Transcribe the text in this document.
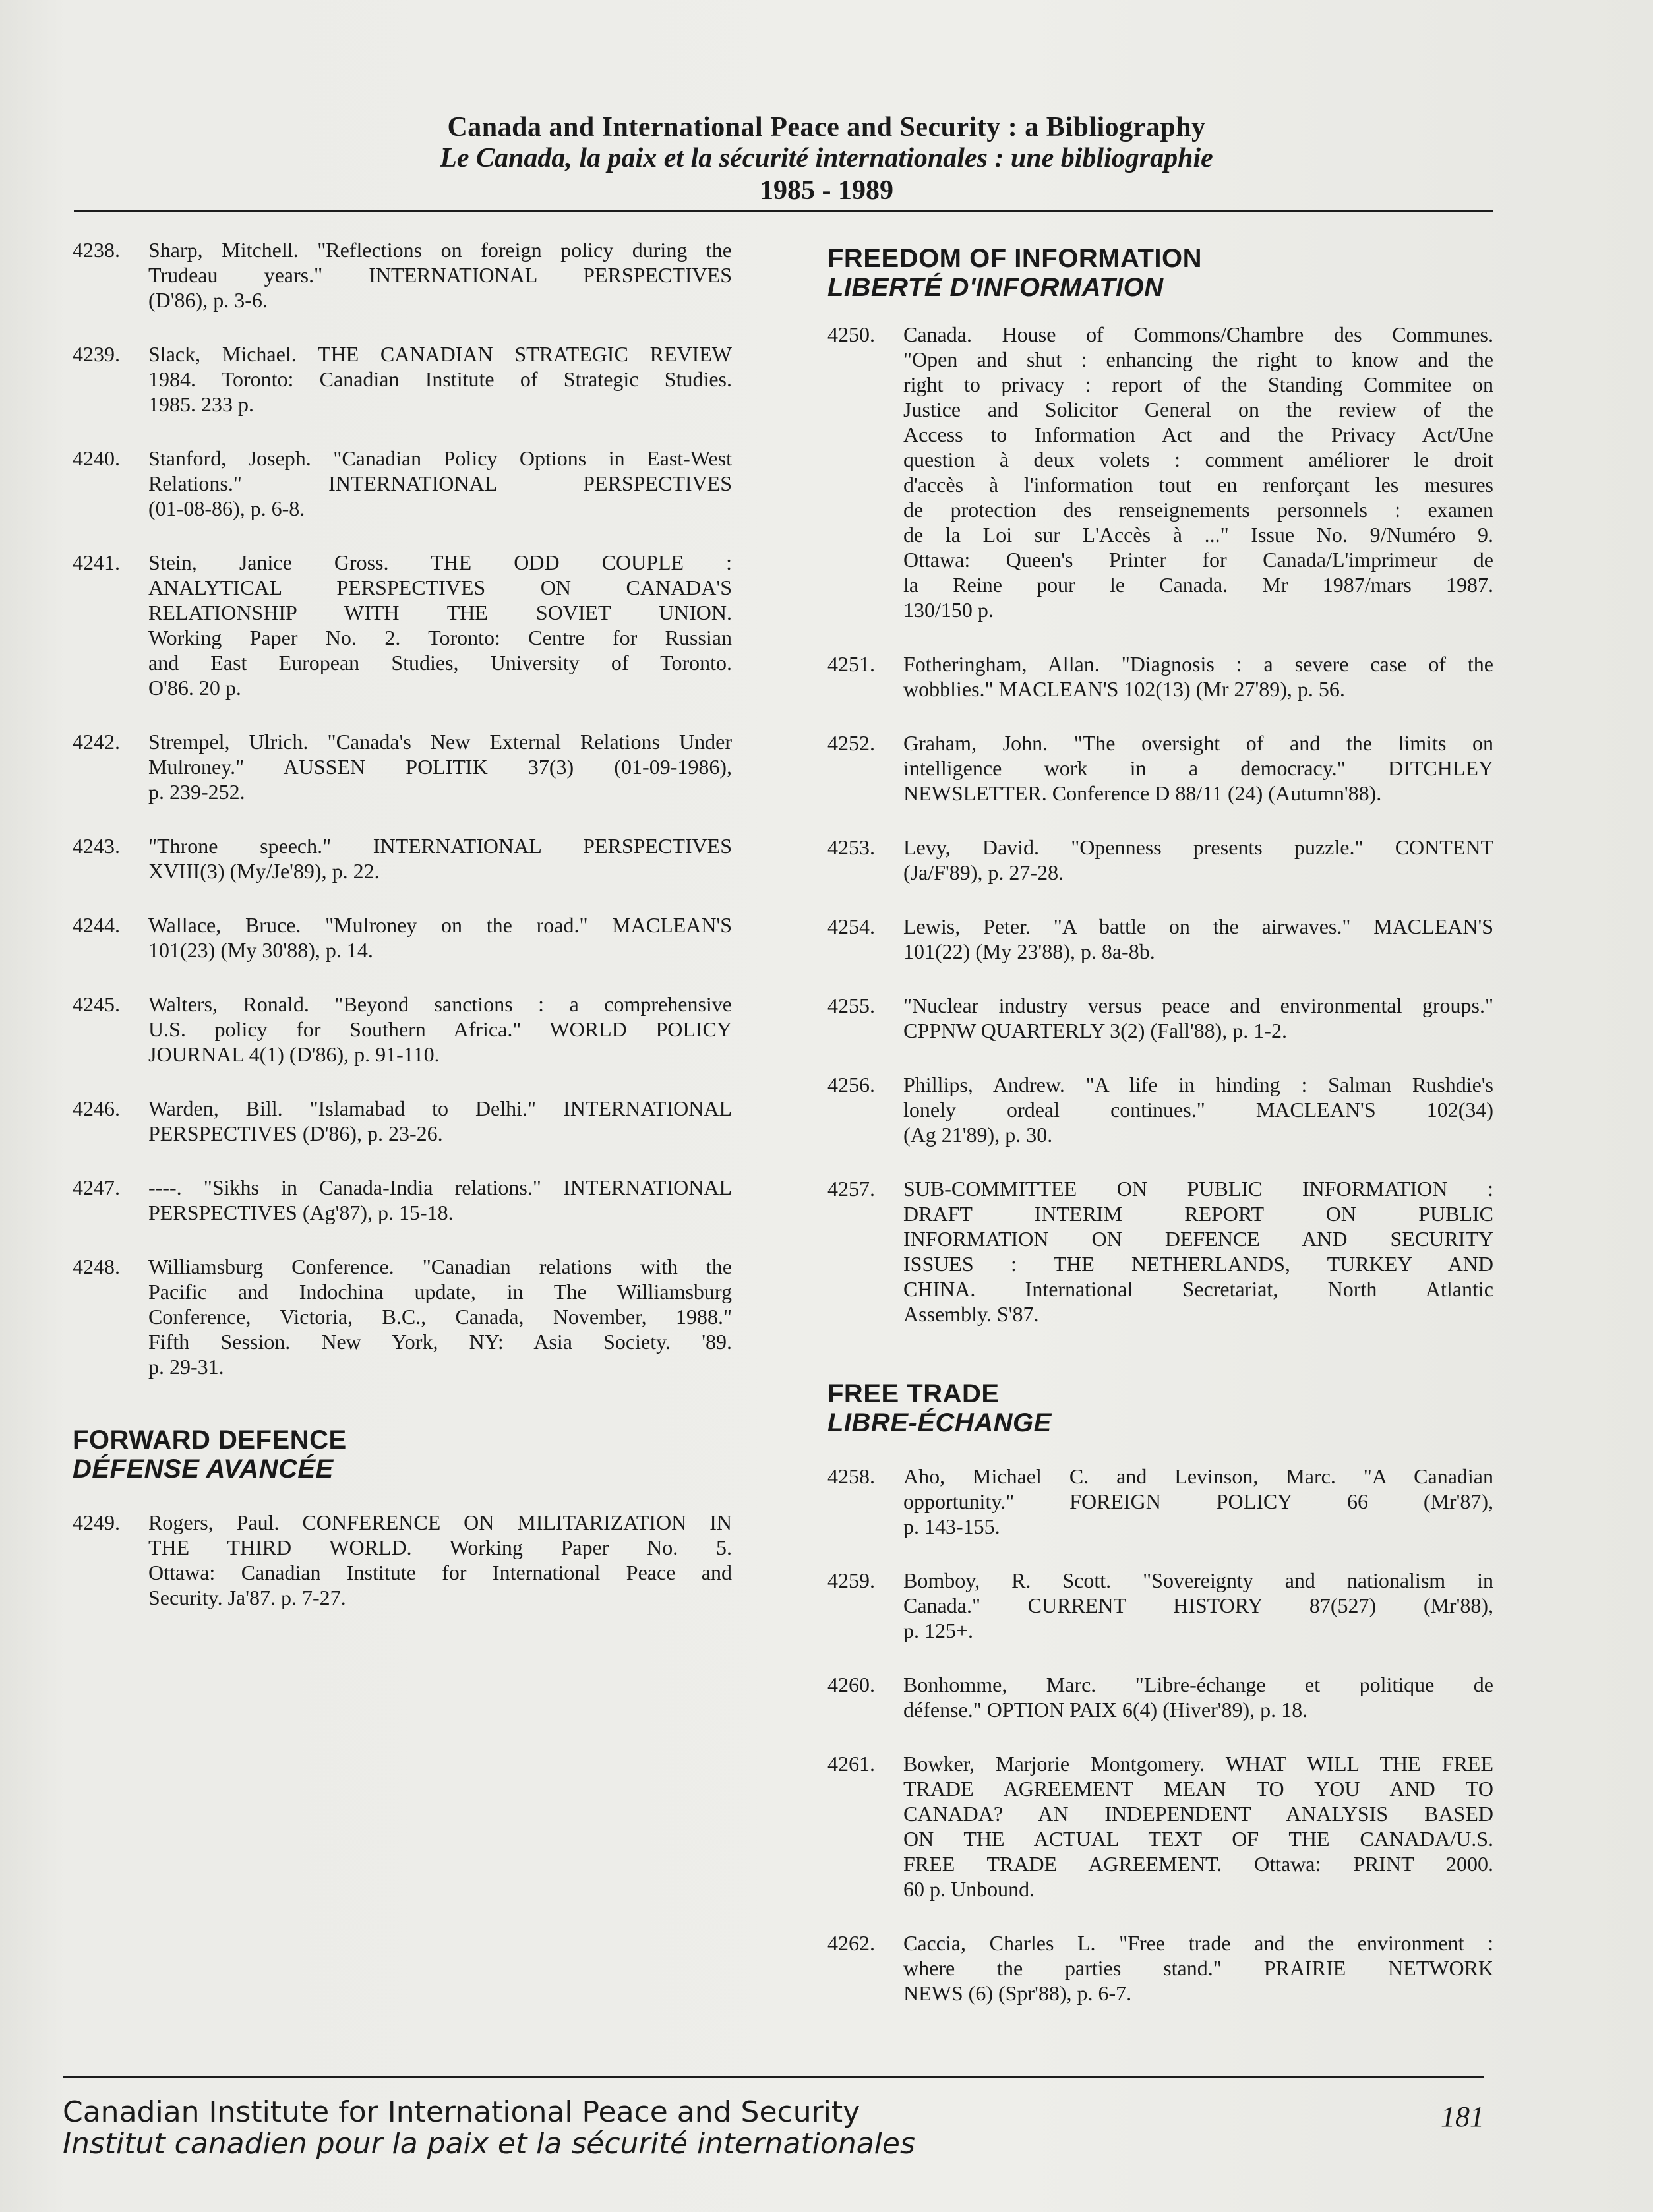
Canada and International Peace and Security : a Bibliography
Le Canada, la paix et la sécurité internationales : une bibliographie
1985 - 1989
4238.	Sharp, Mitchell. "Reflections on foreign policy during the
Trudeau years." INTERNATIONAL PERSPECTIVES
(D'86), p. 3-6.
4239.	Slack, Michael. THE CANADIAN STRATEGIC REVIEW
1984. Toronto: Canadian Institute of Strategic Studies.
1985. 233 p.
4240.	Stanford, Joseph. "Canadian Policy Options in East-West
Relations." INTERNATIONAL PERSPECTIVES
(01-08-86), p. 6-8.
4241.	Stein, Janice Gross. THE ODD COUPLE :
ANALYTICAL PERSPECTIVES ON CANADA'S
RELATIONSHIP WITH THE SOVIET UNION.
Working Paper No. 2. Toronto: Centre for Russian
and East European Studies, University of Toronto.
O'86. 20 p.
4242.	Strempel, Ulrich. "Canada's New External Relations Under
Mulroney." AUSSEN POLITIK 37(3) (01-09-1986),
p. 239-252.
4243.	"Throne speech." INTERNATIONAL PERSPECTIVES
XVIII(3) (My/Je'89), p. 22.
4244.	Wallace, Bruce. "Mulroney on the road." MACLEAN'S
101(23) (My 30'88), p. 14.
4245.	Walters, Ronald. "Beyond sanctions : a comprehensive
U.S. policy for Southern Africa." WORLD POLICY
JOURNAL 4(1) (D'86), p. 91-110.
4246.	Warden, Bill. "Islamabad to Delhi." INTERNATIONAL
PERSPECTIVES (D'86), p. 23-26.
4247.	----. "Sikhs in Canada-India relations." INTERNATIONAL
PERSPECTIVES (Ag'87), p. 15-18.
4248.	Williamsburg Conference. "Canadian relations with the
Pacific and Indochina update, in The Williamsburg
Conference, Victoria, B.C., Canada, November, 1988."
Fifth Session. New York, NY: Asia Society. '89.
p. 29-31.
FORWARD DEFENCE
DÉFENSE AVANCÉE
4249.	Rogers, Paul. CONFERENCE ON MILITARIZATION IN
THE THIRD WORLD. Working Paper No. 5.
Ottawa: Canadian Institute for International Peace and
Security. Ja'87. p. 7-27.
FREEDOM OF INFORMATION
LIBERTÉ D'INFORMATION
4250.	Canada. House of Commons/Chambre des Communes.
"Open and shut : enhancing the right to know and the
right to privacy : report of the Standing Commitee on
Justice and Solicitor General on the review of the
Access to Information Act and the Privacy Act/Une
question à deux volets : comment améliorer le droit
d'accès à l'information tout en renforçant les mesures
de protection des renseignements personnels : examen
de la Loi sur L'Accès à ..." Issue No. 9/Numéro 9.
Ottawa: Queen's Printer for Canada/L'imprimeur de
la Reine pour le Canada. Mr 1987/mars 1987.
130/150 p.
4251.	Fotheringham, Allan. "Diagnosis : a severe case of the
wobblies." MACLEAN'S 102(13) (Mr 27'89), p. 56.
4252.	Graham, John. "The oversight of and the limits on
intelligence work in a democracy." DITCHLEY
NEWSLETTER. Conference D 88/11 (24) (Autumn'88).
4253.	Levy, David. "Openness presents puzzle." CONTENT
(Ja/F'89), p. 27-28.
4254.	Lewis, Peter. "A battle on the airwaves." MACLEAN'S
101(22) (My 23'88), p. 8a-8b.
4255.	"Nuclear industry versus peace and environmental groups."
CPPNW QUARTERLY 3(2) (Fall'88), p. 1-2.
4256.	Phillips, Andrew. "A life in hinding : Salman Rushdie's
lonely ordeal continues." MACLEAN'S 102(34)
(Ag 21'89), p. 30.
4257.	SUB-COMMITTEE ON PUBLIC INFORMATION :
DRAFT INTERIM REPORT ON PUBLIC
INFORMATION ON DEFENCE AND SECURITY
ISSUES : THE NETHERLANDS, TURKEY AND
CHINA. International Secretariat, North Atlantic
Assembly. S'87.
FREE TRADE
LIBRE-ÉCHANGE
4258.	Aho, Michael C. and Levinson, Marc. "A Canadian
opportunity." FOREIGN POLICY 66 (Mr'87),
p. 143-155.
4259.	Bomboy, R. Scott. "Sovereignty and nationalism in
Canada." CURRENT HISTORY 87(527) (Mr'88),
p. 125+.
4260.	Bonhomme, Marc. "Libre-échange et politique de
défense." OPTION PAIX 6(4) (Hiver'89), p. 18.
4261.	Bowker, Marjorie Montgomery. WHAT WILL THE FREE
TRADE AGREEMENT MEAN TO YOU AND TO
CANADA? AN INDEPENDENT ANALYSIS BASED
ON THE ACTUAL TEXT OF THE CANADA/U.S.
FREE TRADE AGREEMENT. Ottawa: PRINT 2000.
60 p. Unbound.
4262.	Caccia, Charles L. "Free trade and the environment :
where the parties stand." PRAIRIE NETWORK
NEWS (6) (Spr'88), p. 6-7.
Canadian Institute for International Peace and Security
Institut canadien pour la paix et la sécurité internationales
181
